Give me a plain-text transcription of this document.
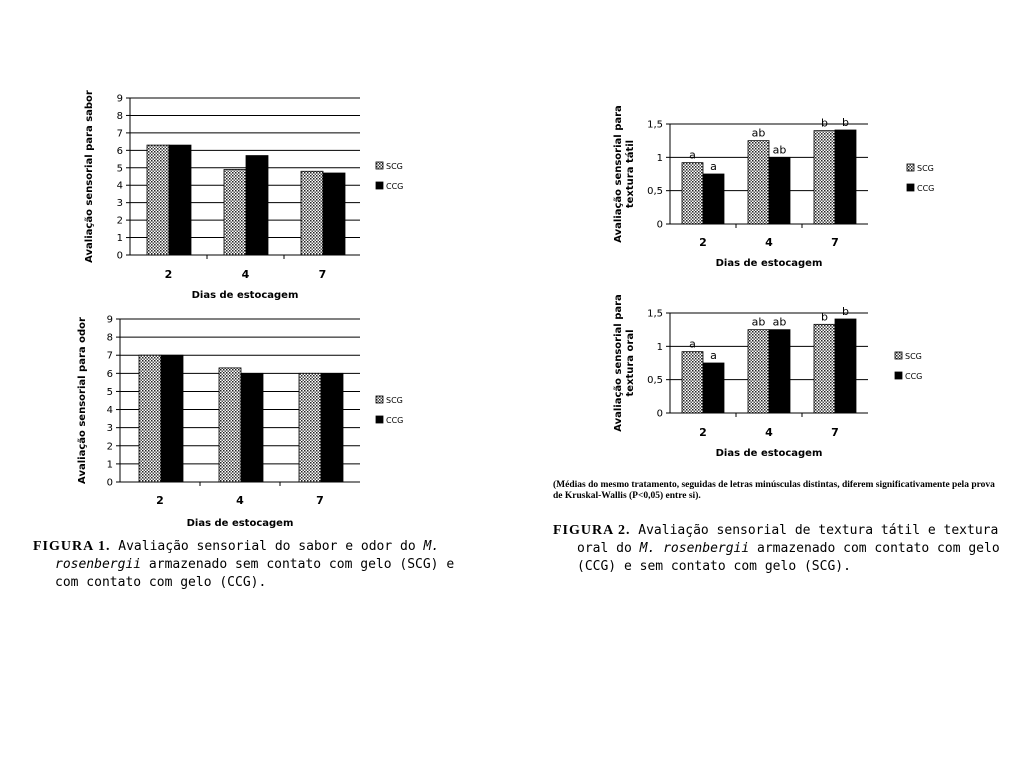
0
1
2
3
4
5
6
7
8
9
2	4	7
Dias de estocagem
Avaliação sensorial para sabor	SCG
CCG
0
1
2
3
4
5
6
7
8
9
2	4	7
Dias de estocagem
Avaliação sensorial para odor	SCG
CCG
0
0,5
1
1,5
a
a
2
ab
ab
4
b b
7
Dias de estocagem
Avaliação sensorial para textura tátil	SCG
CCG
0
0,5
1
1,5
a
a
2
ab ab
4
b b
7
Dias de estocagem
Avaliação sensorial para textura oral	SCG
CCG

FIGURA 1. Avaliação sensorial do sabor e odor do M. rosenbergii armazenado sem contato com gelo (SCG) e com contato com gelo (CCG).

(Médias do mesmo tratamento, seguidas de letras minúsculas distintas, diferem significativamente pela prova de Kruskal-Wallis (P<0,05) entre si).

FIGURA 2. Avaliação sensorial de textura tátil e textura oral do M. rosenbergii armazenado com contato com gelo (CCG) e sem contato com gelo (SCG).
